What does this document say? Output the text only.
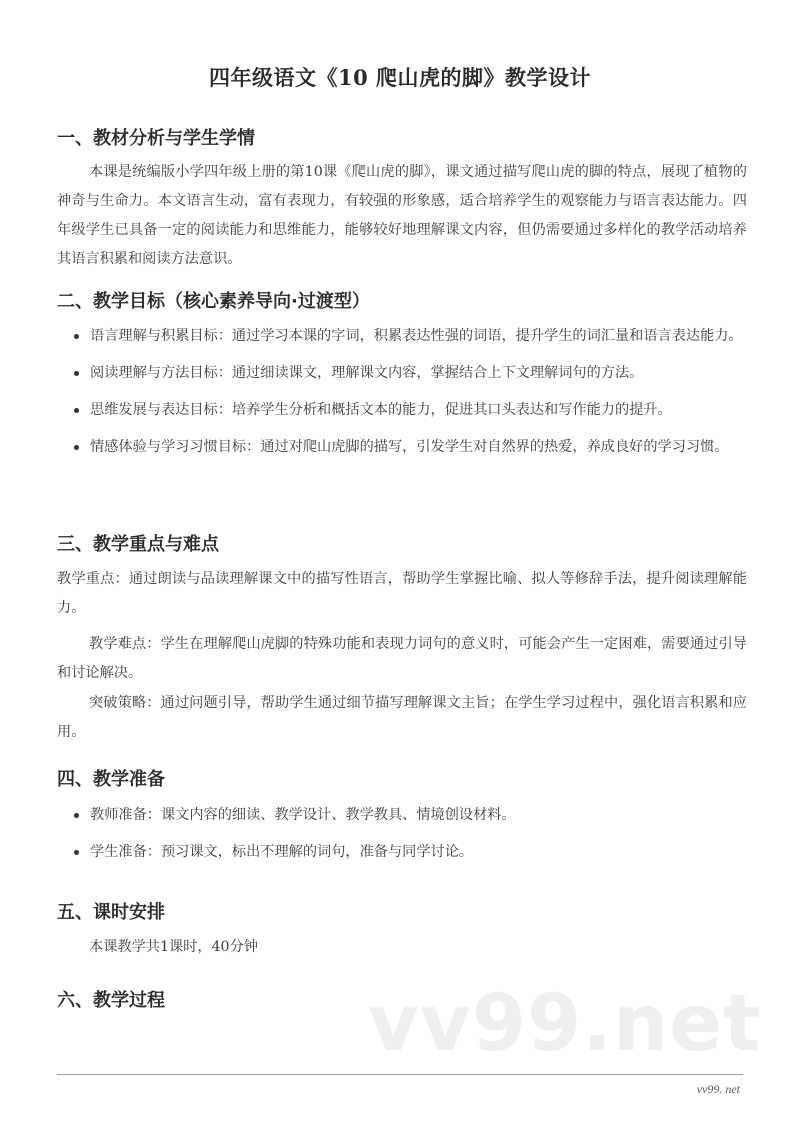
四年级语文《10 爬山虎的脚》教学设计
一、教材分析与学生学情
本课是统编版小学四年级上册的第10课《爬山虎的脚》，课文通过描写爬山虎的脚的特点，展现了植物的神奇与生命力。本文语言生动，富有表现力，有较强的形象感，适合培养学生的观察能力与语言表达能力。四年级学生已具备一定的阅读能力和思维能力，能够较好地理解课文内容，但仍需要通过多样化的教学活动培养其语言积累和阅读方法意识。
二、教学目标（核心素养导向·过渡型）
语言理解与积累目标：通过学习本课的字词，积累表达性强的词语，提升学生的词汇量和语言表达能力。
阅读理解与方法目标：通过细读课文，理解课文内容，掌握结合上下文理解词句的方法。
思维发展与表达目标：培养学生分析和概括文本的能力，促进其口头表达和写作能力的提升。
情感体验与学习习惯目标：通过对爬山虎脚的描写，引发学生对自然界的热爱，养成良好的学习习惯。
三、教学重点与难点
教学重点：通过朗读与品读理解课文中的描写性语言，帮助学生掌握比喻、拟人等修辞手法，提升阅读理解能力。
教学难点：学生在理解爬山虎脚的特殊功能和表现力词句的意义时，可能会产生一定困难，需要通过引导和讨论解决。
突破策略：通过问题引导，帮助学生通过细节描写理解课文主旨；在学生学习过程中，强化语言积累和应用。
四、教学准备
教师准备：课文内容的细读、教学设计、教学教具、情境创设材料。
学生准备：预习课文，标出不理解的词句，准备与同学讨论。
五、课时安排
本课教学共1课时，40分钟
六、教学过程	vv99.net
vv99. net
